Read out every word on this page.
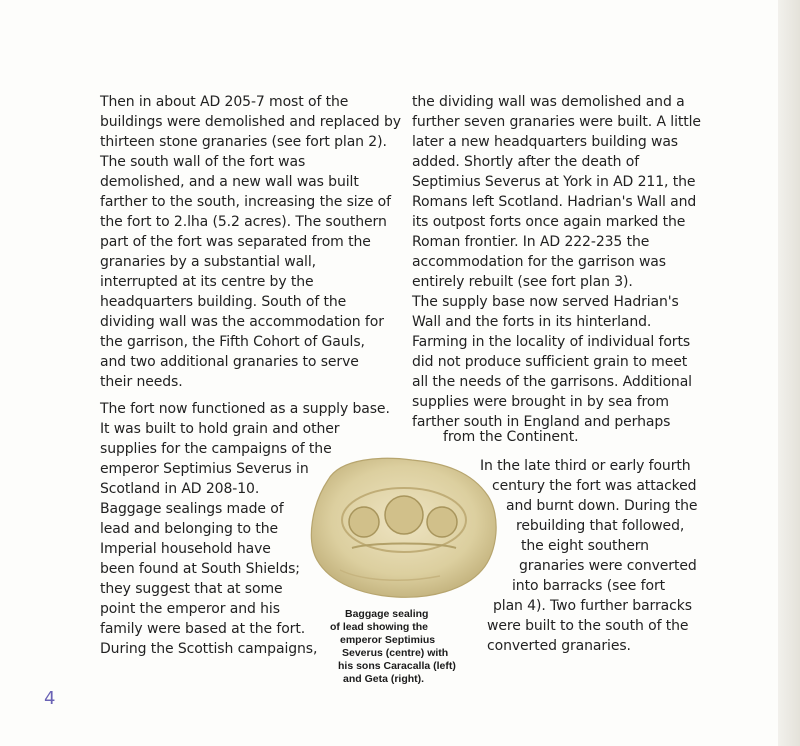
Then in about AD 205-7 most of the
buildings were demolished and replaced by
thirteen stone granaries (see fort plan 2).
The south wall of the fort was
demolished, and a new wall was built
farther to the south, increasing the size of
the fort to 2.lha (5.2 acres). The southern
part of the fort was separated from the
granaries by a substantial wall,
interrupted at its centre by the
headquarters building. South of the
dividing wall was the accommodation for
the garrison, the Fifth Cohort of Gauls,
and two additional granaries to serve
their needs.
The fort now functioned as a supply base.
It was built to hold grain and other
supplies for the campaigns of the
emperor Septimius Severus in
Scotland in AD 208-10.
Baggage sealings made of
lead and belonging to the
Imperial household have
been found at South Shields;
they suggest that at some
point the emperor and his
family were based at the fort.
During the Scottish campaigns,
the dividing wall was demolished and a
further seven granaries were built. A little
later a new headquarters building was
added. Shortly after the death of
Septimius Severus at York in AD 211, the
Romans left Scotland. Hadrian's Wall and
its outpost forts once again marked the
Roman frontier. In AD 222-235 the
accommodation for the garrison was
entirely rebuilt (see fort plan 3).
The supply base now served Hadrian's
Wall and the forts in its hinterland.
Farming in the locality of individual forts
did not produce sufficient grain to meet
all the needs of the garrisons. Additional
supplies were brought in by sea from
farther south in England and perhaps
from the Continent.
In the late third or early fourth
century the fort was attacked
and burnt down. During the
rebuilding that followed,
the eight southern
granaries were converted
into barracks (see fort
plan 4). Two further barracks
were built to the south of the
converted granaries.
Baggage sealing
of lead showing the
emperor Septimius
Severus (centre) with
his sons Caracalla (left)
and Geta (right).
4
